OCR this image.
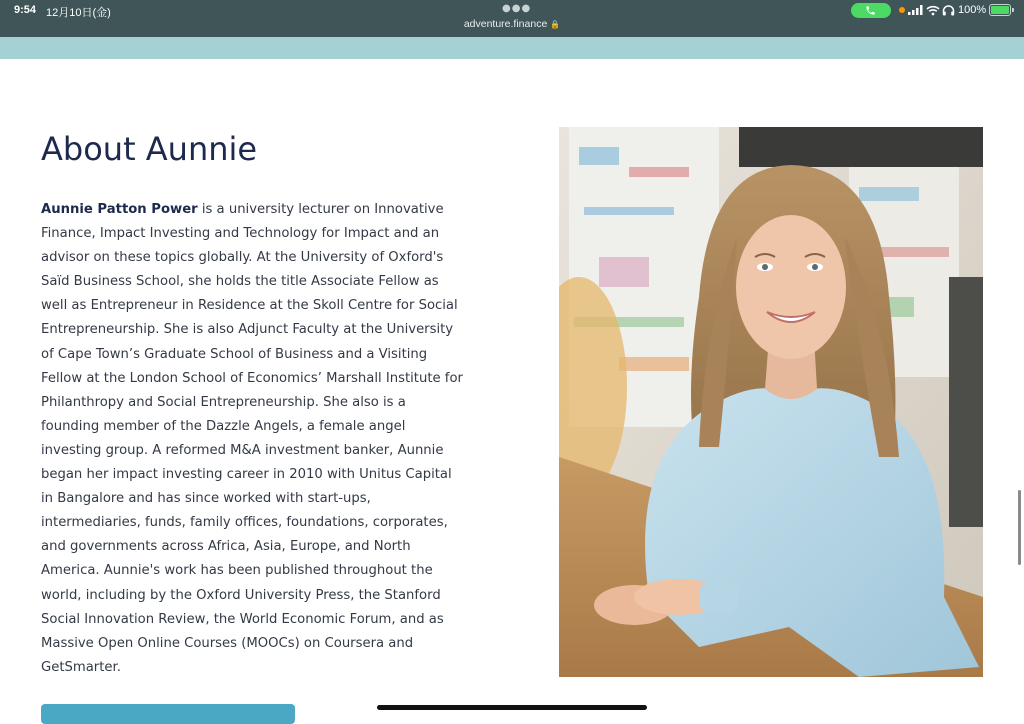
9:54 12月10日(金)	●●●
adventure.finance 🔒
100%
About Aunnie

Aunnie Patton Power is a university lecturer on Innovative Finance, Impact Investing and Technology for Impact and an advisor on these topics globally. At the University of Oxford's Saïd Business School, she holds the title Associate Fellow as well as Entrepreneur in Residence at the Skoll Centre for Social Entrepreneurship. She is also Adjunct Faculty at the University of Cape Town’s Graduate School of Business and a Visiting Fellow at the London School of Economics’ Marshall Institute for Philanthropy and Social Entrepreneurship. She also is a founding member of the Dazzle Angels, a female angel investing group. A reformed M&A investment banker, Aunnie began her impact investing career in 2010 with Unitus Capital in Bangalore and has since worked with start-ups, intermediaries, funds, family offices, foundations, corporates, and governments across Africa, Asia, Europe, and North America. Aunnie's work has been published throughout the world, including by the Oxford University Press, the Stanford Social Innovation Review, the World Economic Forum, and as Massive Open Online Courses (MOOCs) on Coursera and GetSmarter.
